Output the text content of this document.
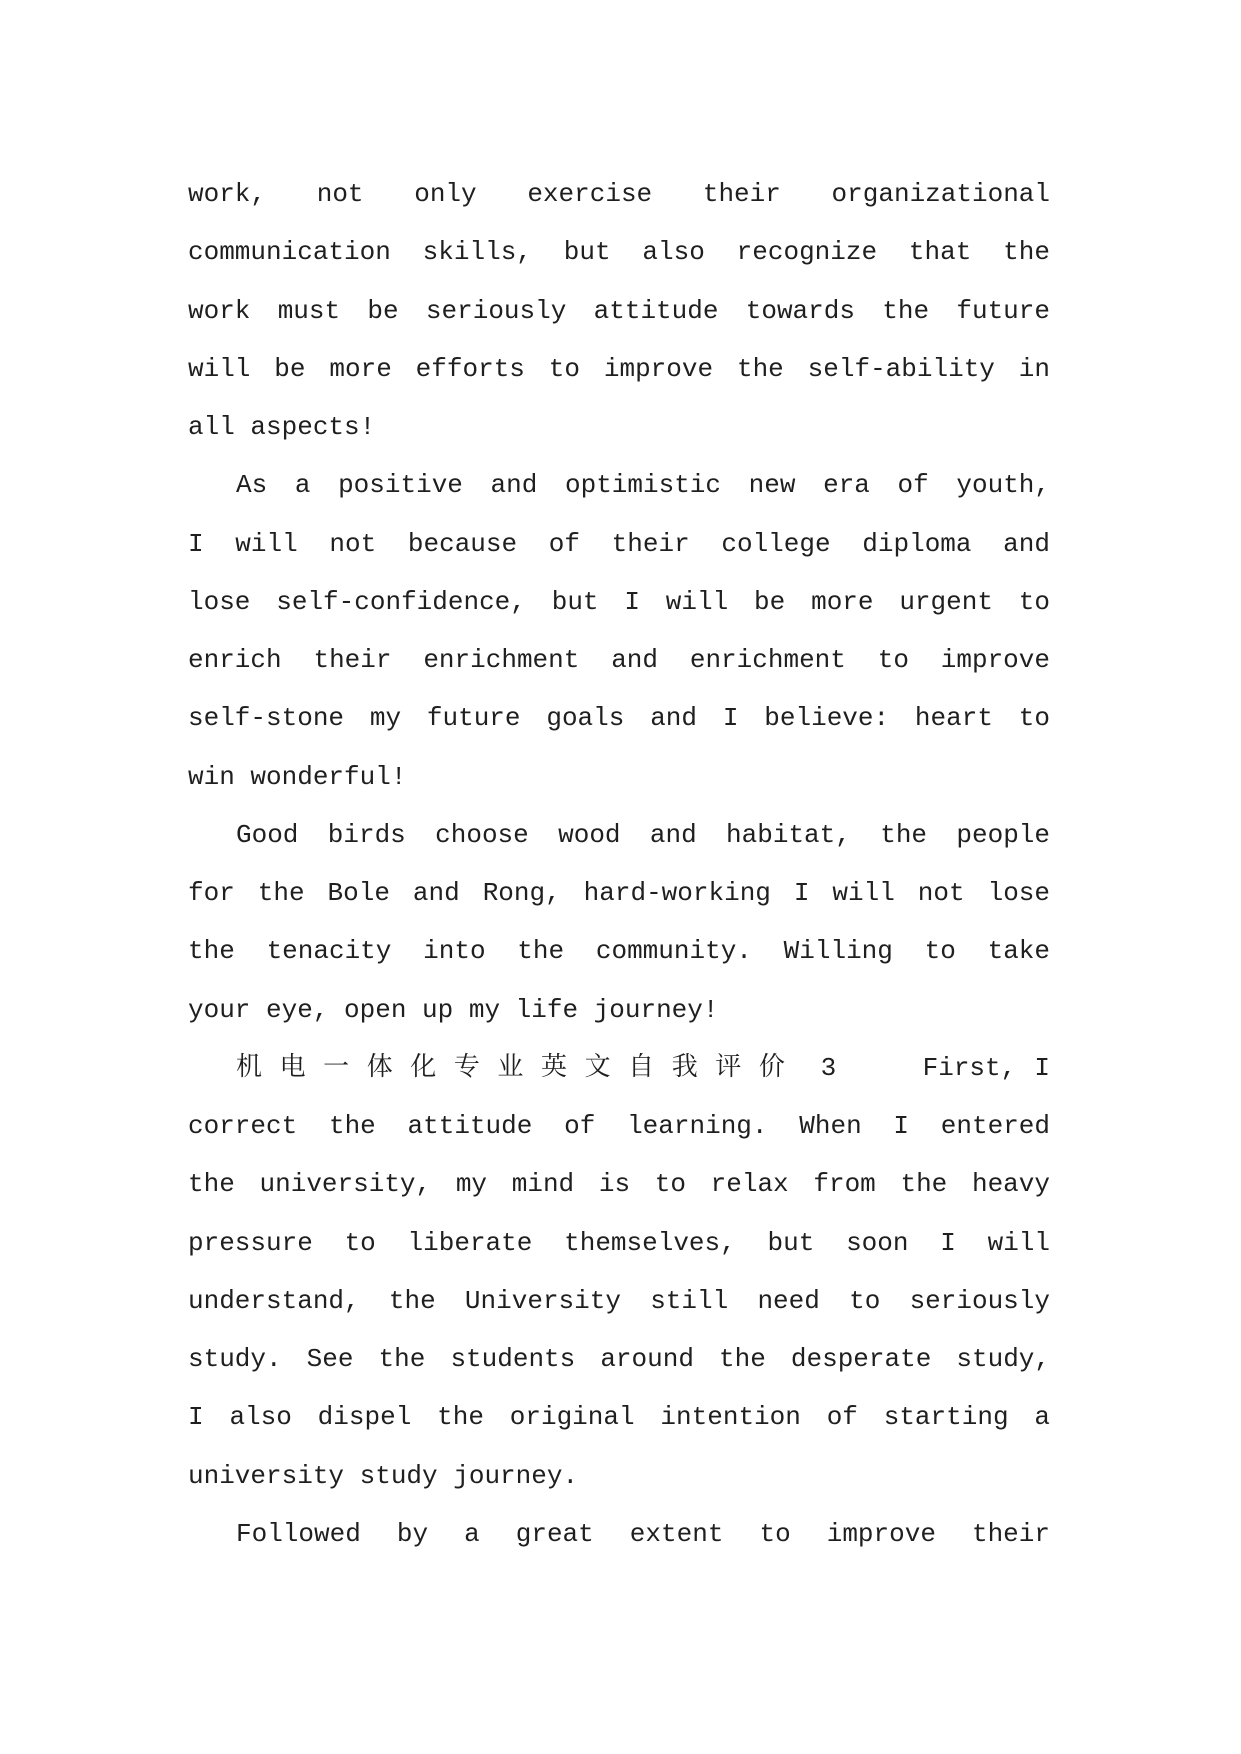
work, not only exercise their organizational
communication skills, but also recognize that the
work must be seriously attitude towards the future
will be more efforts to improve the self-ability in
all aspects!
As a positive and optimistic new era of youth,
I will not because of their college diploma and
lose self-confidence, but I will be more urgent to
enrich their enrichment and enrichment to improve
self-stone my future goals and I believe: heart to
win wonderful!
Good birds choose wood and habitat, the people
for the Bole and Rong, hard-working I will not lose
the tenacity into the community. Willing to take
your eye, open up my life journey!
机电一体化专业英文自我评价 3	First, I
correct the attitude of learning. When I entered
the university, my mind is to relax from the heavy
pressure to liberate themselves, but soon I will
understand, the University still need to seriously
study. See the students around the desperate study,
I also dispel the original intention of starting a
university study journey.
Followed by a great extent to improve their
